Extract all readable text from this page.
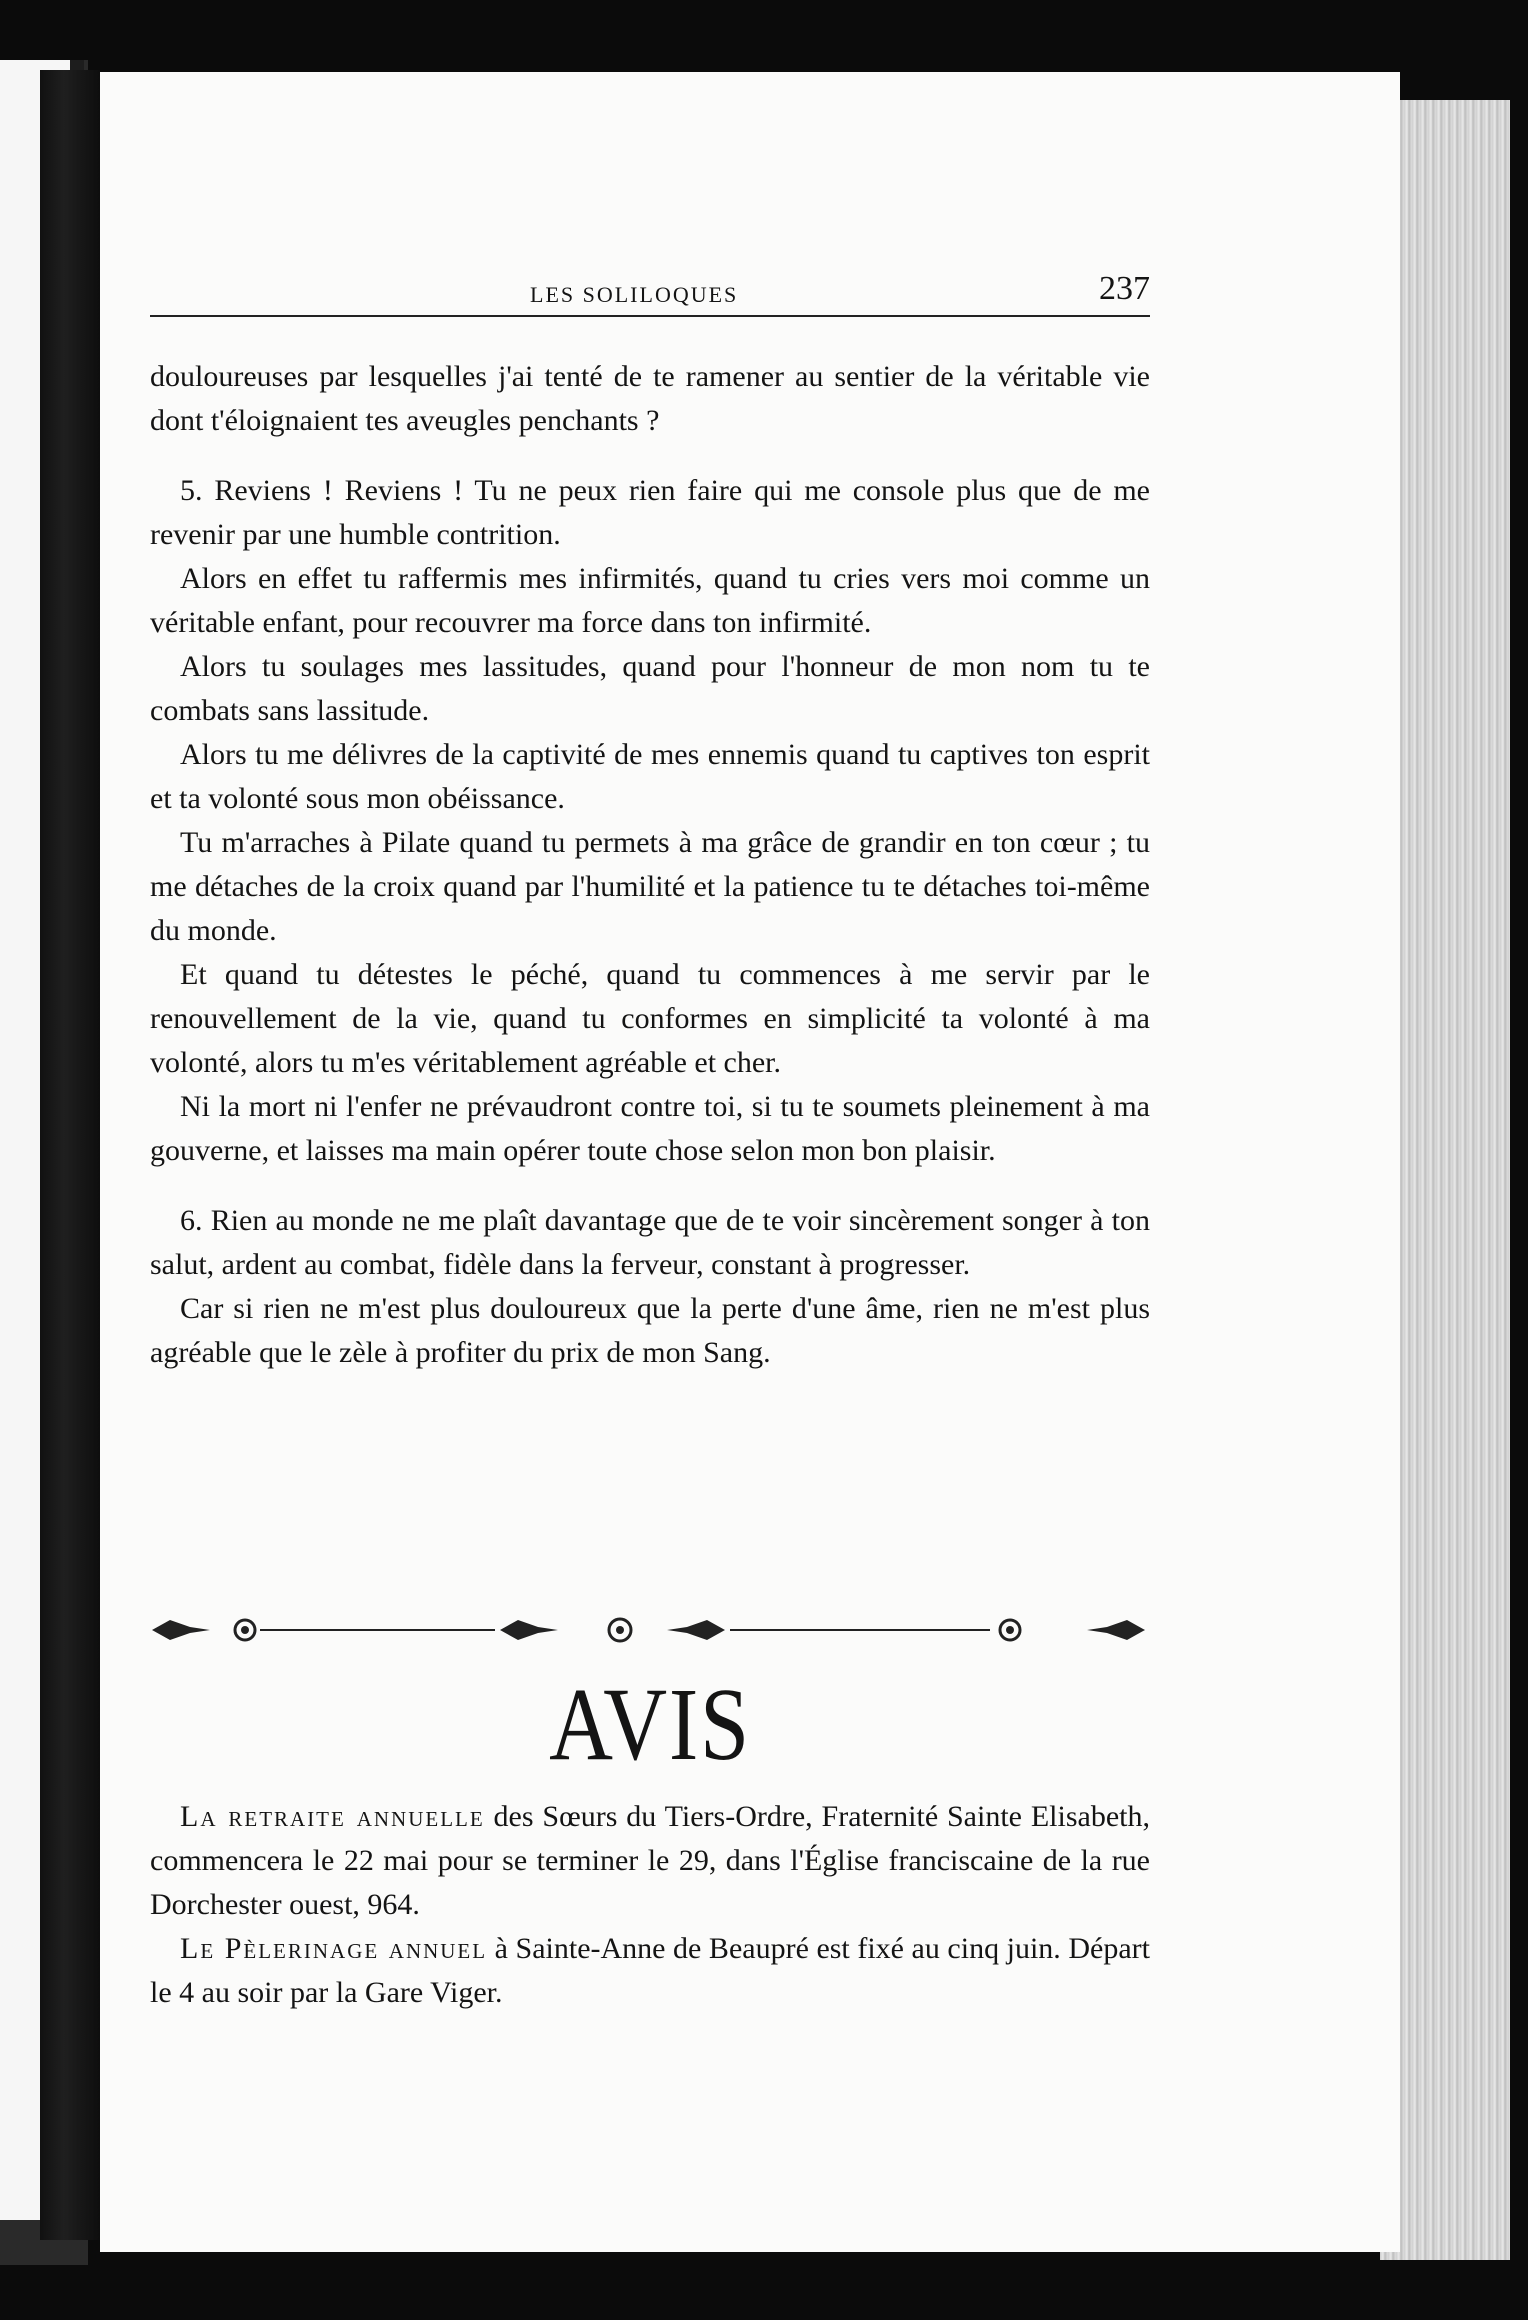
LES SOLILOQUES	237

douloureuses par lesquelles j'ai tenté de te ramener au sentier de la véritable vie dont t'éloignaient tes aveugles penchants ?

5. Reviens ! Reviens ! Tu ne peux rien faire qui me console plus que de me revenir par une humble contrition.

Alors en effet tu raffermis mes infirmités, quand tu cries vers moi comme un véritable enfant, pour recouvrer ma force dans ton infirmité.

Alors tu soulages mes lassitudes, quand pour l'honneur de mon nom tu te combats sans lassitude.

Alors tu me délivres de la captivité de mes ennemis quand tu captives ton esprit et ta volonté sous mon obéissance.

Tu m'arraches à Pilate quand tu permets à ma grâce de grandir en ton cœur ; tu me détaches de la croix quand par l'humilité et la patience tu te détaches toi-même du monde.

Et quand tu détestes le péché, quand tu commences à me servir par le renouvellement de la vie, quand tu conformes en simplicité ta volonté à ma volonté, alors tu m'es véritablement agréable et cher.

Ni la mort ni l'enfer ne prévaudront contre toi, si tu te soumets pleinement à ma gouverne, et laisses ma main opérer toute chose selon mon bon plaisir.

6. Rien au monde ne me plaît davantage que de te voir sincèrement songer à ton salut, ardent au combat, fidèle dans la ferveur, constant à progresser.

Car si rien ne m'est plus douloureux que la perte d'une âme, rien ne m'est plus agréable que le zèle à profiter du prix de mon Sang.

AVIS

La retraite annuelle des Sœurs du Tiers-Ordre, Fraternité Sainte Elisabeth, commencera le 22 mai pour se terminer le 29, dans l'Église franciscaine de la rue Dorchester ouest, 964.

Le Pèlerinage annuel à Sainte-Anne de Beaupré est fixé au cinq juin. Départ le 4 au soir par la Gare Viger.
